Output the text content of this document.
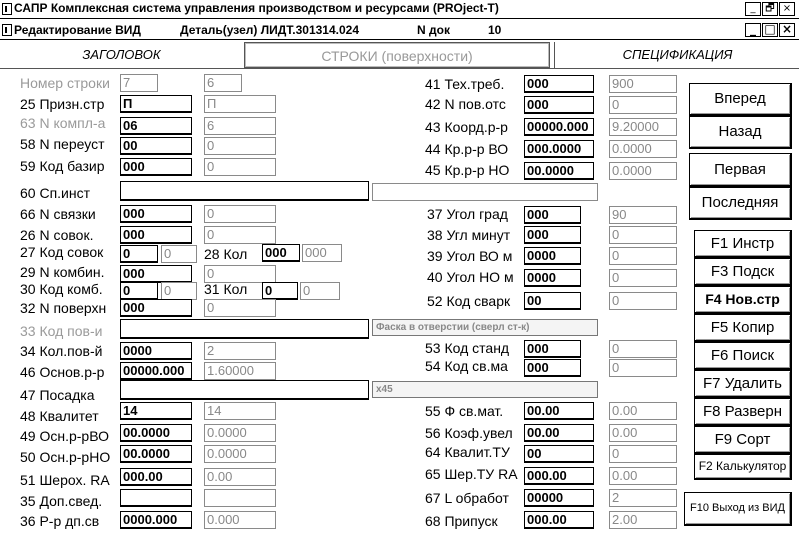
САПР Комплексная система управления производством и ресурсами (PROject-T)	_ 🗗 ×
Редактирование ВИД	Деталь(узел) ЛИДТ.301314.024	N док	10	_ □ ×
ЗАГОЛОВОК	СТРОКИ (поверхности)	СПЕЦИФИКАЦИЯ
Номер строки 7	6
25 Призн.стр П	П
63 N компл-а 06	6
58 N переуст 00	0
59 Код базир 000	0
60 Сп.инст
66 N связки 000	0
26 N совок. 000	0
27 Код совок 0	0	28 Кол 000	000
29 N комбин. 000	0
30 Код комб. 0	0	31 Кол 0	0
32 N поверхн 000	0
33 Код пов-и	Фаска в отверстии (сверл ст-к)
34 Кол.пов-й 0000	2
46 Основ.р-р 00000.000	1.60000
47 Посадка	x45
48 Квалитет 14	14
49 Осн.р-рВО 00.0000	0.0000
50 Осн.р-рНО 00.0000	0.0000
51 Шерох. RA 000.00	0.00
35 Доп.свед.
36 Р-р дп.св 0000.000	0.000
41 Тех.треб. 000	900
42 N пов.отс 000	0
43 Коорд.р-р 00000.000	9.20000
44 Кр.р-р ВО 000.0000	0.0000
45 Кр.р-р НО 00.0000	0.0000
37 Угол град 000	90
38 Угл минут 000	0
39 Угол ВО м 0000	0
40 Угол НО м 0000	0
52 Код сварк 00	0
53 Код станд 000	0
54 Код св.ма 000	0
55 Ф св.мат. 00.00	0.00
56 Коэф.увел 00.00	0.00
64 Квалит.ТУ 00	0
65 Шер.ТУ RA 000.00	0.00
67 L обработ 00000	2
68 Припуск 000.00	2.00
Вперед
Назад
Первая
Последняя
F1 Инстр
F3 Подск
F4 Нов.стр
F5 Копир
F6 Поиск
F7 Удалить
F8 Разверн
F9 Сорт
F2 Калькулятор
F10 Выход из ВИД
